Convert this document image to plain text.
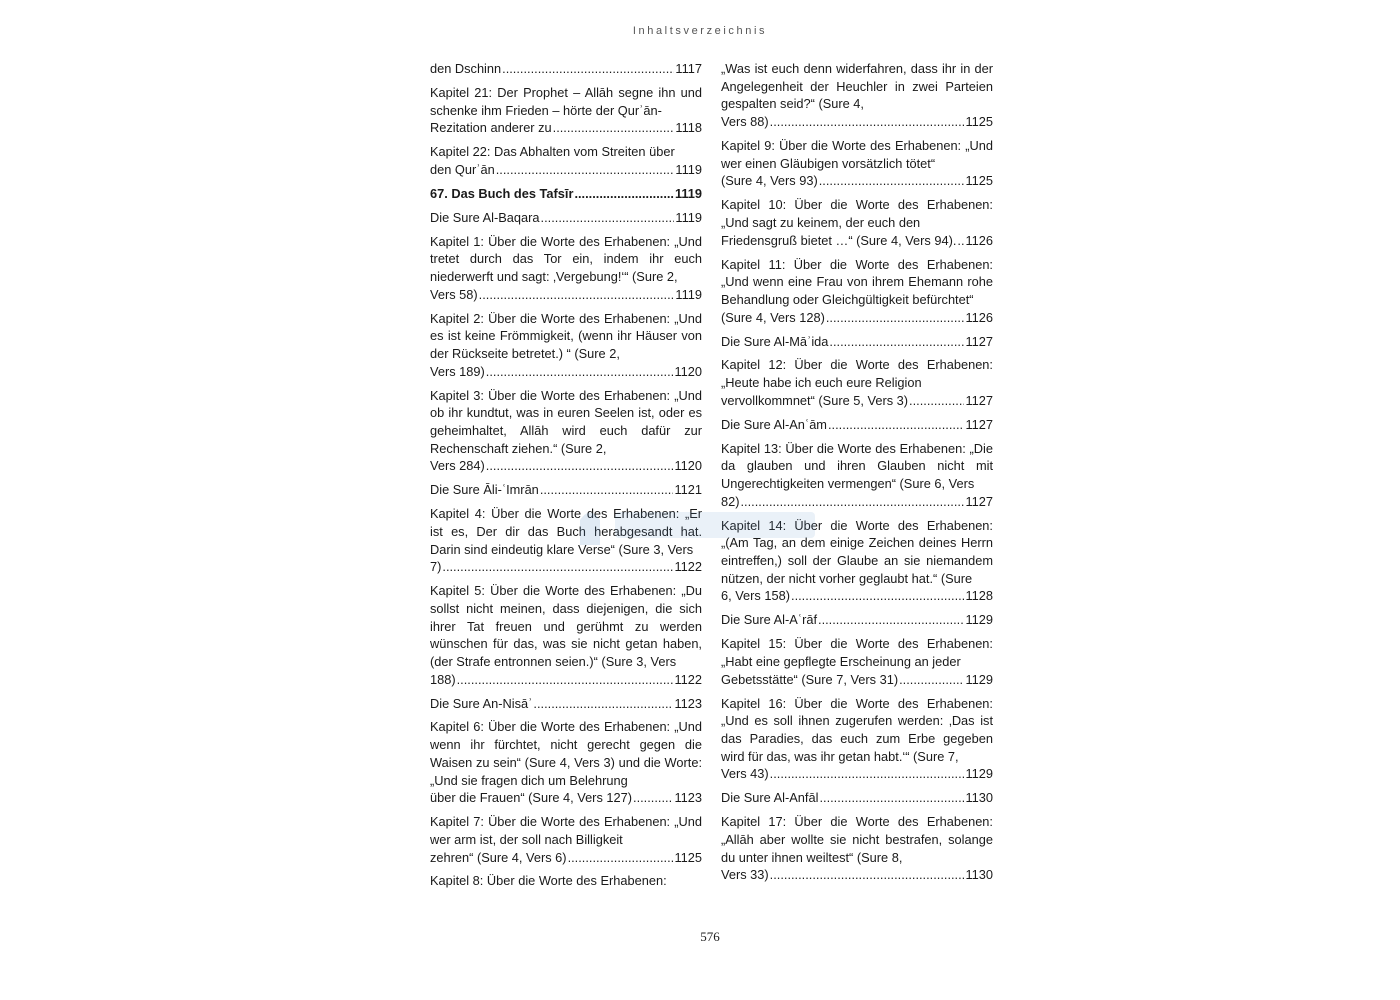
Inhaltsverzeichnis
den Dschinn .....	1117
Kapitel 21: Der Prophet – Allāh segne ihn und schenke ihm Frieden – hörte der Qurʾān-
Rezitation anderer zu .....	1118
Kapitel 22: Das Abhalten vom Streiten über
den Qurʾān .....	1119
67. Das Buch des Tafsīr .....	1119
Die Sure Al-Baqara .....	1119
Kapitel 1: Über die Worte des Erhabenen: „Und tretet durch das Tor ein, indem ihr euch niederwerft und sagt: ‚Vergebung!‘“ (Sure 2,
Vers 58) .....	1119
Kapitel 2: Über die Worte des Erhabenen: „Und es ist keine Frömmigkeit, (wenn ihr Häuser von der Rückseite betretet.) “ (Sure 2,
Vers 189) .....	1120
Kapitel 3: Über die Worte des Erhabenen: „Und ob ihr kundtut, was in euren Seelen ist, oder es geheimhaltet, Allāh wird euch dafür zur Rechenschaft ziehen.“ (Sure 2,
Vers 284) .....	1120
Die Sure Āli-ʿImrān .....	1121
Kapitel 4: Über die Worte des Erhabenen: „Er ist es, Der dir das Buch herabgesandt hat. Darin sind eindeutig klare Verse“ (Sure 3, Vers
7) .....	1122
Kapitel 5: Über die Worte des Erhabenen: „Du sollst nicht meinen, dass diejenigen, die sich ihrer Tat freuen und gerühmt zu werden wünschen für das, was sie nicht getan haben, (der Strafe entronnen seien.)“ (Sure 3, Vers
188) .....	1122
Die Sure An-Nisāʾ .....	1123
Kapitel 6: Über die Worte des Erhabenen: „Und wenn ihr fürchtet, nicht gerecht gegen die Waisen zu sein“ (Sure 4, Vers 3) und die Worte: „Und sie fragen dich um Belehrung
über die Frauen“ (Sure 4, Vers 127) .....	1123
Kapitel 7: Über die Worte des Erhabenen: „Und wer arm ist, der soll nach Billigkeit
zehren“ (Sure 4, Vers 6) .....	1125
Kapitel 8: Über die Worte des Erhabenen:
„Was ist euch denn widerfahren, dass ihr in der Angelegenheit der Heuchler in zwei Parteien gespalten seid?“ (Sure 4,
Vers 88) .....	1125
Kapitel 9: Über die Worte des Erhabenen: „Und wer einen Gläubigen vorsätzlich tötet“
(Sure 4, Vers 93) .....	1125
Kapitel 10: Über die Worte des Erhabenen: „Und sagt zu keinem, der euch den
Friedensgruß bietet …“ (Sure 4, Vers 94). ..... 1126
Kapitel 11: Über die Worte des Erhabenen: „Und wenn eine Frau von ihrem Ehemann rohe Behandlung oder Gleichgültigkeit befürchtet“
(Sure 4, Vers 128) .....	1126
Die Sure Al-Māʾida .....	1127
Kapitel 12: Über die Worte des Erhabenen: „Heute habe ich euch eure Religion
vervollkommnet“ (Sure 5, Vers 3) .....	1127
Die Sure Al-Anʿām .....	1127
Kapitel 13: Über die Worte des Erhabenen: „Die da glauben und ihren Glauben nicht mit Ungerechtigkeiten vermengen“ (Sure 6, Vers
82) .....	1127
Kapitel 14: Über die Worte des Erhabenen: „(Am Tag, an dem einige Zeichen deines Herrn eintreffen,) soll der Glaube an sie niemandem nützen, der nicht vorher geglaubt hat.“ (Sure
6, Vers 158) .....	1128
Die Sure Al-Aʿrāf .....	1129
Kapitel 15: Über die Worte des Erhabenen: „Habt eine gepflegte Erscheinung an jeder
Gebetsstätte“ (Sure 7, Vers 31) .....	1129
Kapitel 16: Über die Worte des Erhabenen: „Und es soll ihnen zugerufen werden: ‚Das ist das Paradies, das euch zum Erbe gegeben wird für das, was ihr getan habt.‘“ (Sure 7,
Vers 43) .....	1129
Die Sure Al-Anfāl .....	1130
Kapitel 17: Über die Worte des Erhabenen: „Allāh aber wollte sie nicht bestrafen, solange du unter ihnen weiltest“ (Sure 8,
Vers 33) .....	1130
576
